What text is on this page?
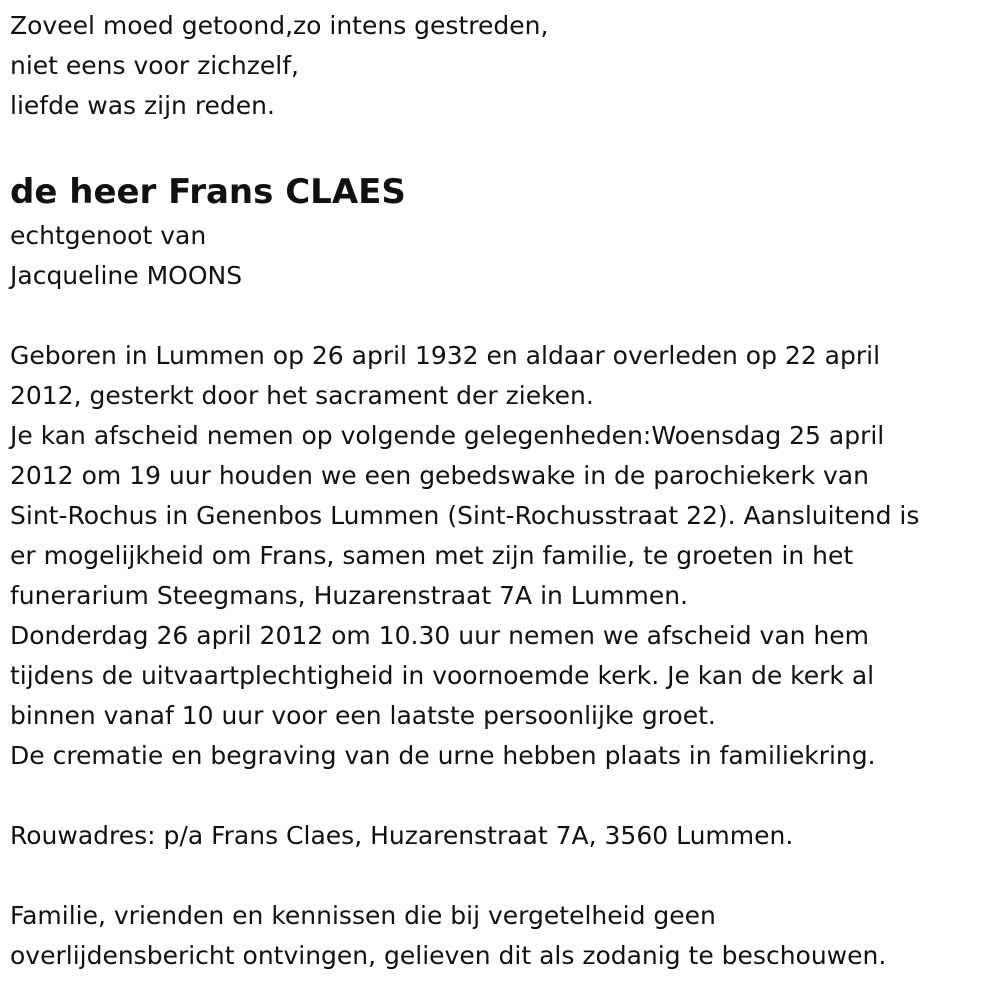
Zoveel moed getoond,zo intens gestreden,
niet eens voor zichzelf,
liefde was zijn reden.
de heer Frans CLAES
echtgenoot van
Jacqueline MOONS
Geboren in Lummen op 26 april 1932 en aldaar overleden op 22 april
2012, gesterkt door het sacrament der zieken.
Je kan afscheid nemen op volgende gelegenheden:Woensdag 25 april
2012 om 19 uur houden we een gebedswake in de parochiekerk van
Sint-Rochus in Genenbos Lummen (Sint-Rochusstraat 22). Aansluitend is
er mogelijkheid om Frans, samen met zijn familie, te groeten in het
funerarium Steegmans, Huzarenstraat 7A in Lummen.
Donderdag 26 april 2012 om 10.30 uur nemen we afscheid van hem
tijdens de uitvaartplechtigheid in voornoemde kerk. Je kan de kerk al
binnen vanaf 10 uur voor een laatste persoonlijke groet.
De crematie en begraving van de urne hebben plaats in familiekring.
Rouwadres: p/a Frans Claes, Huzarenstraat 7A, 3560 Lummen.
Familie, vrienden en kennissen die bij vergetelheid geen
overlijdensbericht ontvingen, gelieven dit als zodanig te beschouwen.
